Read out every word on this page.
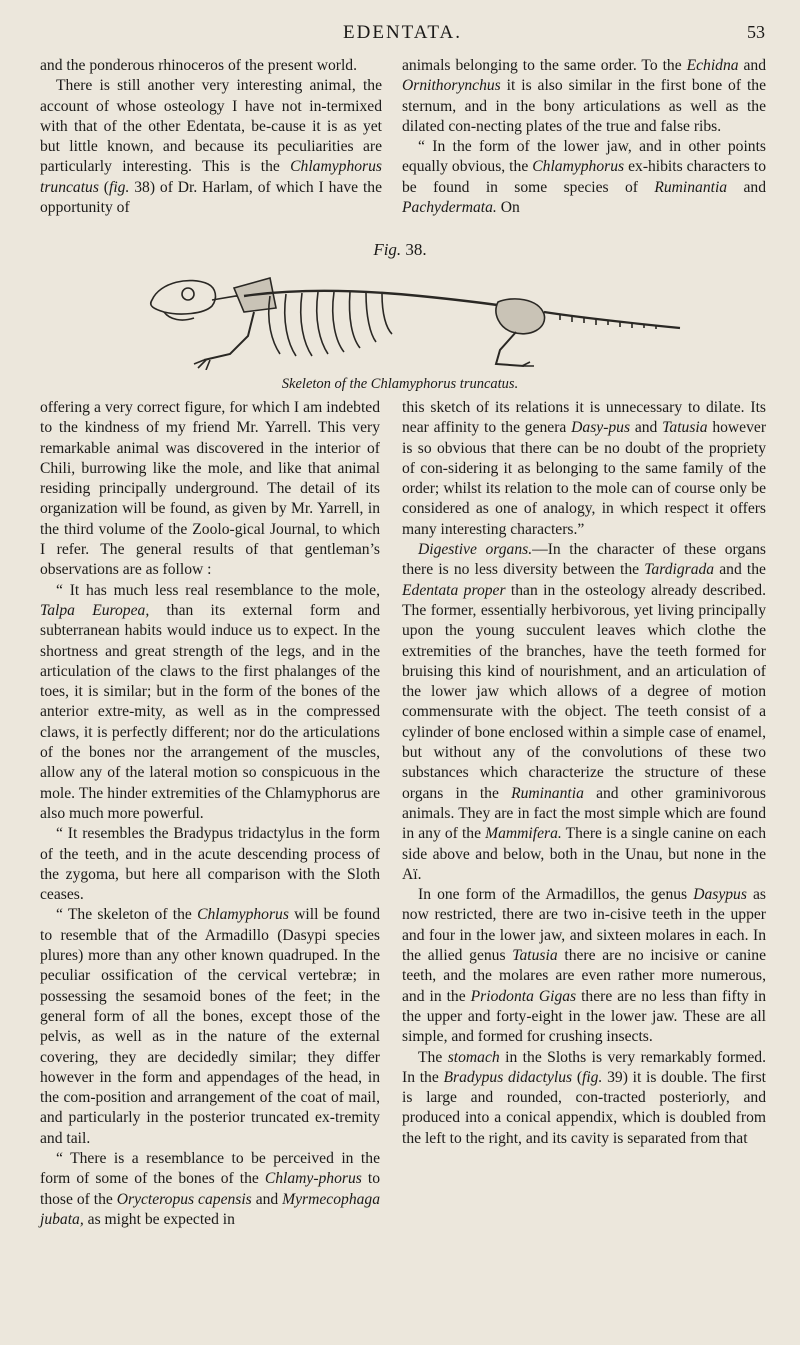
EDENTATA.	53

and the ponderous rhinoceros of the present world.

There is still another very interesting animal, the account of whose osteology I have not in-termixed with that of the other Edentata, be-cause it is as yet but little known, and because its peculiarities are particularly interesting. This is the Chlamyphorus truncatus (fig. 38) of Dr. Harlam, of which I have the opportunity of

animals belonging to the same order. To the Echidna and Ornithorynchus it is also similar in the first bone of the sternum, and in the bony articulations as well as the dilated con-necting plates of the true and false ribs.

“ In the form of the lower jaw, and in other points equally obvious, the Chlamyphorus ex-hibits characters to be found in some species of Ruminantia and Pachydermata. On

Fig. 38.
Skeleton of the Chlamyphorus truncatus.

offering a very correct figure, for which I am indebted to the kindness of my friend Mr. Yarrell. This very remarkable animal was discovered in the interior of Chili, burrowing like the mole, and like that animal residing principally underground. The detail of its organization will be found, as given by Mr. Yarrell, in the third volume of the Zoolo-gical Journal, to which I refer. The general results of that gentleman’s observations are as follow :

“ It has much less real resemblance to the mole, Talpa Europea, than its external form and subterranean habits would induce us to expect. In the shortness and great strength of the legs, and in the articulation of the claws to the first phalanges of the toes, it is similar; but in the form of the bones of the anterior extre-mity, as well as in the compressed claws, it is perfectly different; nor do the articulations of the bones nor the arrangement of the muscles, allow any of the lateral motion so conspicuous in the mole. The hinder extremities of the Chlamyphorus are also much more powerful.

“ It resembles the Bradypus tridactylus in the form of the teeth, and in the acute descending process of the zygoma, but here all comparison with the Sloth ceases.

“ The skeleton of the Chlamyphorus will be found to resemble that of the Armadillo (Dasypi species plures) more than any other known quadruped. In the peculiar ossification of the cervical vertebræ; in possessing the sesamoid bones of the feet; in the general form of all the bones, except those of the pelvis, as well as in the nature of the external covering, they are decidedly similar; they differ however in the form and appendages of the head, in the com-position and arrangement of the coat of mail, and particularly in the posterior truncated ex-tremity and tail.

“ There is a resemblance to be perceived in the form of some of the bones of the Chlamy-phorus to those of the Orycteropus capensis and Myrmecophaga jubata, as might be expected in

this sketch of its relations it is unnecessary to dilate. Its near affinity to the genera Dasy-pus and Tatusia however is so obvious that there can be no doubt of the propriety of con-sidering it as belonging to the same family of the order; whilst its relation to the mole can of course only be considered as one of analogy, in which respect it offers many interesting characters.”

Digestive organs.—In the character of these organs there is no less diversity between the Tardigrada and the Edentata proper than in the osteology already described. The former, essentially herbivorous, yet living principally upon the young succulent leaves which clothe the extremities of the branches, have the teeth formed for bruising this kind of nourishment, and an articulation of the lower jaw which allows of a degree of motion commensurate with the object. The teeth consist of a cylinder of bone enclosed within a simple case of enamel, but without any of the convolutions of these two substances which characterize the structure of these organs in the Ruminantia and other graminivorous animals. They are in fact the most simple which are found in any of the Mammifera. There is a single canine on each side above and below, both in the Unau, but none in the Aï.

In one form of the Armadillos, the genus Dasypus as now restricted, there are two in-cisive teeth in the upper and four in the lower jaw, and sixteen molares in each. In the allied genus Tatusia there are no incisive or canine teeth, and the molares are even rather more numerous, and in the Priodonta Gigas there are no less than fifty in the upper and forty-eight in the lower jaw. These are all simple, and formed for crushing insects.

The stomach in the Sloths is very remarkably formed. In the Bradypus didactylus (fig. 39) it is double. The first is large and rounded, con-tracted posteriorly, and produced into a conical appendix, which is doubled from the left to the right, and its cavity is separated from that
